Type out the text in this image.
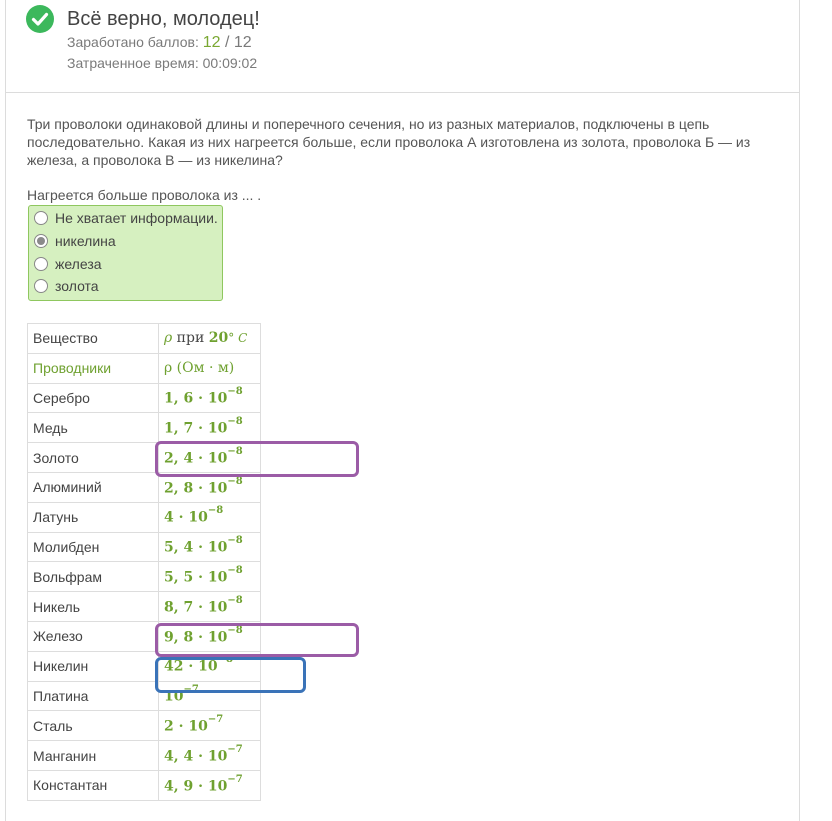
Всё верно, молодец!
Заработано баллов: 12 / 12
Затраченное время: 00:09:02
Три проволоки одинаковой длины и поперечного сечения, но из разных материалов, подключены в цепь последовательно. Какая из них нагреется больше, если проволока А изготовлена из золота, проволока Б — из железа, а проволока В — из никелина?
Нагреется больше проволока из ... .
Не хватает информации.
никелина
железа
золота
Вещество	ρ при 20° C
Проводники	ρ (Ом · м)
Серебро	1, $6 \cdot 10^{-8}$
Медь	1, $7 \cdot 10^{-8}$
Золото	2, $4 \cdot 10^{-8}$
Алюминий	2, $8 \cdot 10^{-8}$
Латунь	$4 \cdot 10^{-8}$
Молибден	5, $4 \cdot 10^{-8}$
Вольфрам	5, $5 \cdot 10^{-8}$
Никель	8, $7 \cdot 10^{-8}$
Железо	9, $8 \cdot 10^{-8}$
Никелин	$42 \cdot 10^{-8}$
Платина	$10^{-7}$
Сталь	$2 \cdot 10^{-7}$
Манганин	4, $4 \cdot 10^{-7}$
Константан	4, $9 \cdot 10^{-7}$
